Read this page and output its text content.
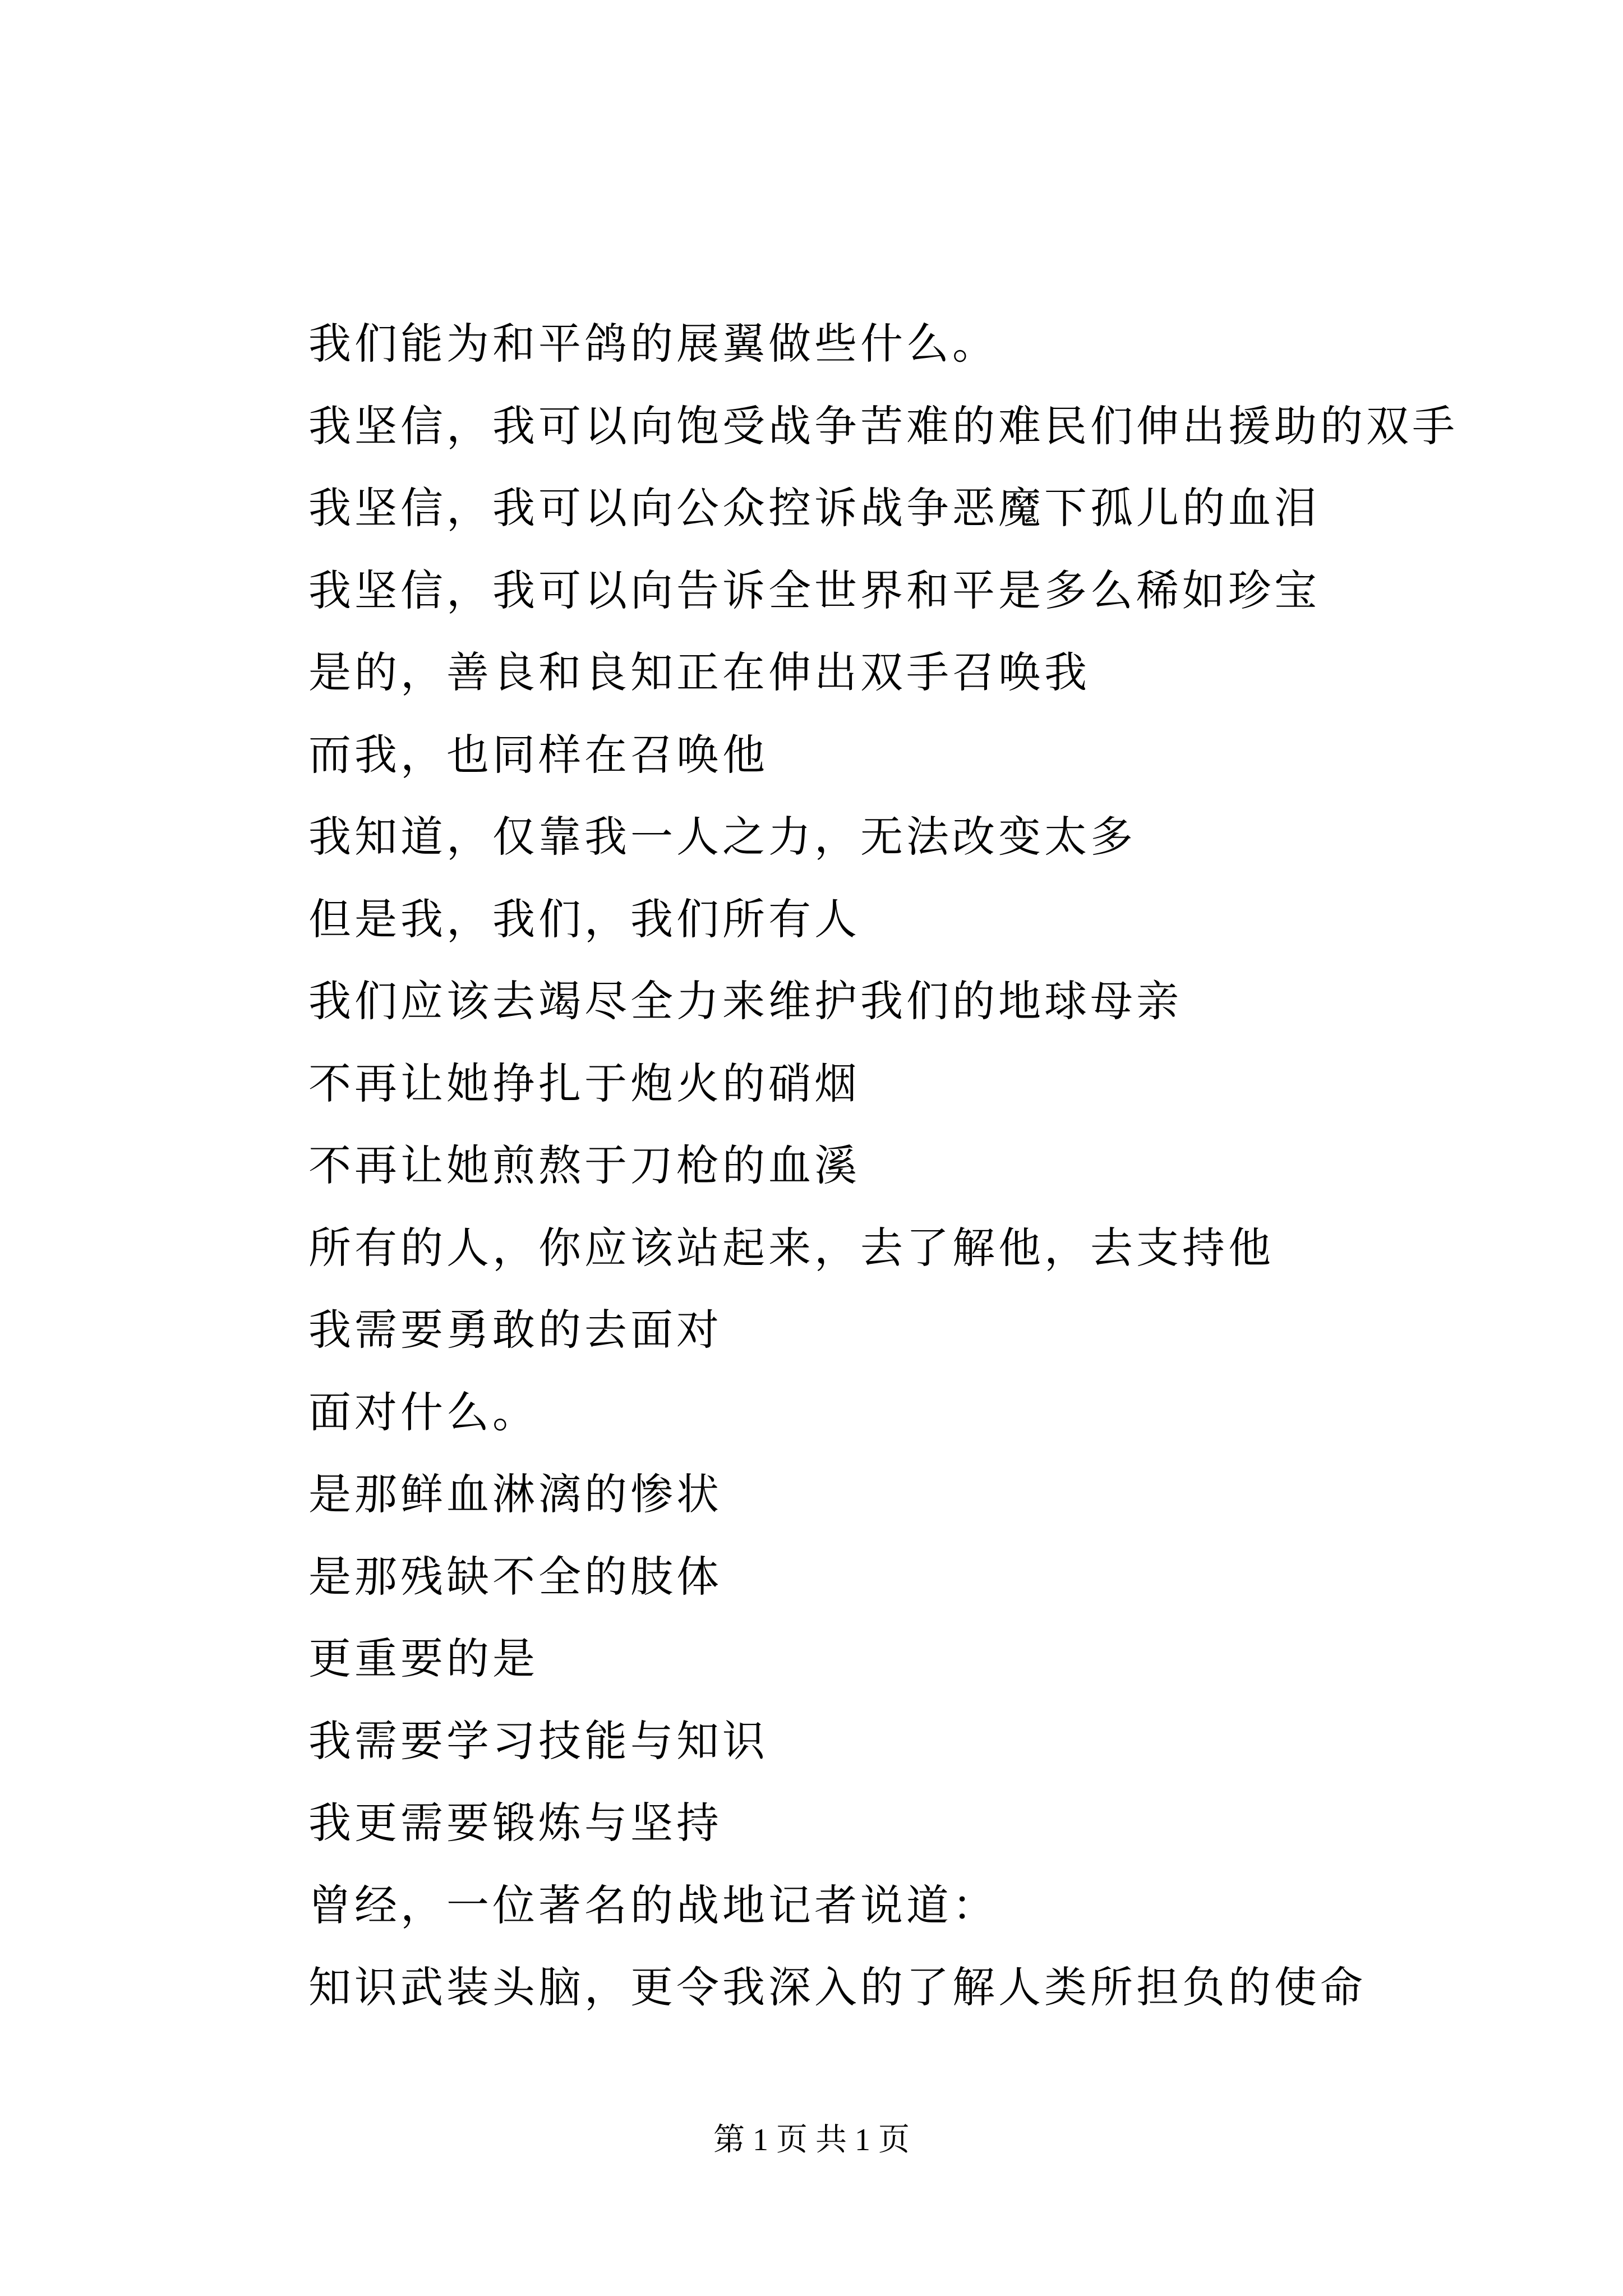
我们能为和平鸽的展翼做些什么。
我坚信，我可以向饱受战争苦难的难民们伸出援助的双手
我坚信，我可以向公众控诉战争恶魔下孤儿的血泪
我坚信，我可以向告诉全世界和平是多么稀如珍宝
是的，善良和良知正在伸出双手召唤我
而我，也同样在召唤他
我知道，仅靠我一人之力，无法改变太多
但是我，我们，我们所有人
我们应该去竭尽全力来维护我们的地球母亲
不再让她挣扎于炮火的硝烟
不再让她煎熬于刀枪的血溪
所有的人，你应该站起来，去了解他，去支持他
我需要勇敢的去面对
面对什么。
是那鲜血淋漓的惨状
是那残缺不全的肢体
更重要的是
我需要学习技能与知识
我更需要锻炼与坚持
曾经，一位著名的战地记者说道：
知识武装头脑，更令我深入的了解人类所担负的使命
第 1 页 共 1 页
